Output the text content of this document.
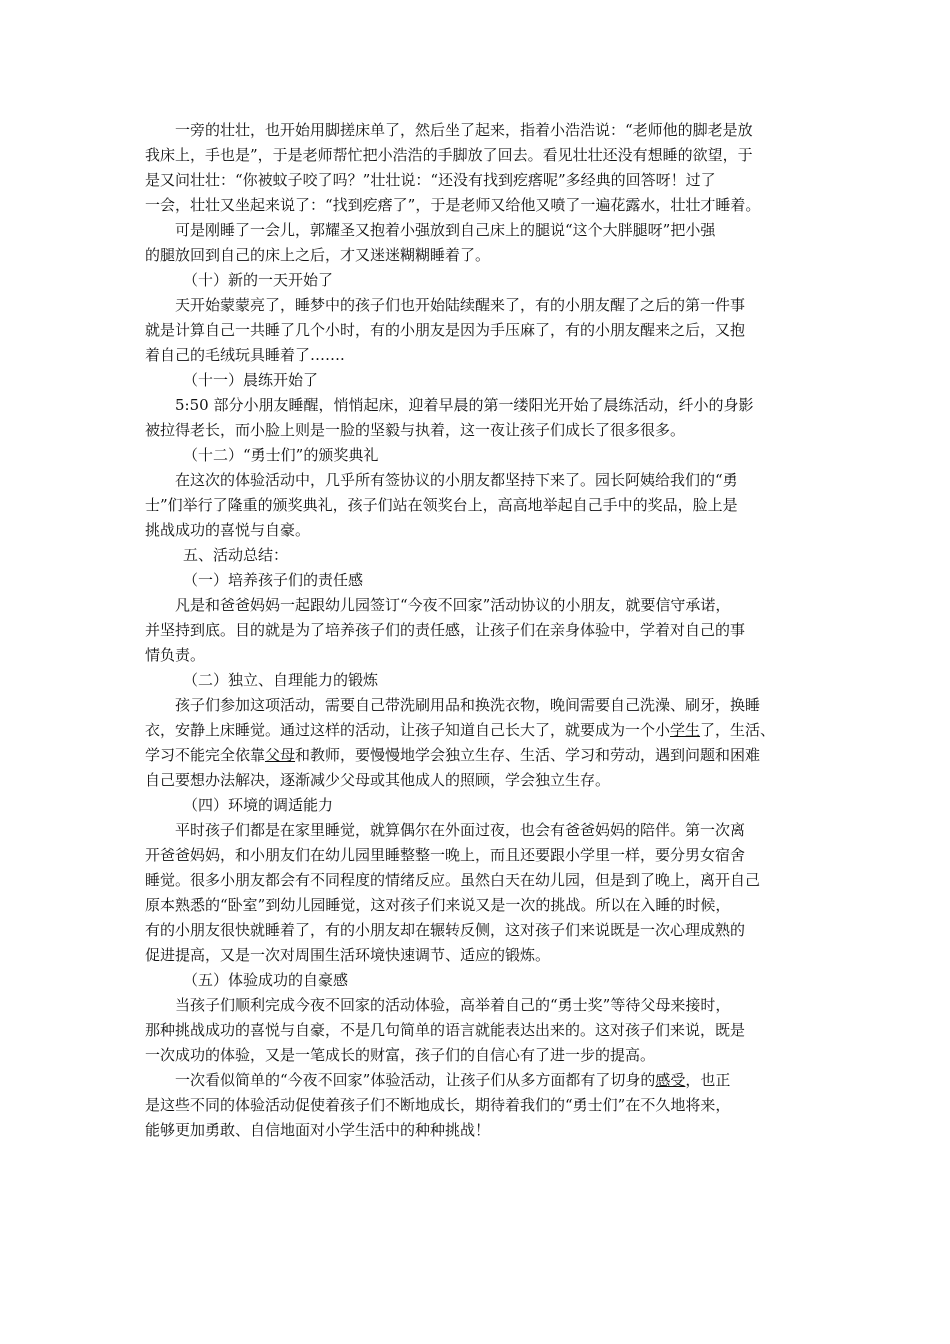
一旁的壮壮，也开始用脚搓床单了，然后坐了起来，指着小浩浩说：“老师他的脚老是放
我床上，手也是”，于是老师帮忙把小浩浩的手脚放了回去。看见壮壮还没有想睡的欲望，于
是又问壮壮：“你被蚊子咬了吗？”壮壮说：“还没有找到疙瘩呢”多经典的回答呀！过了
一会，壮壮又坐起来说了：“找到疙瘩了”，于是老师又给他又喷了一遍花露水，壮壮才睡着。
可是刚睡了一会儿，郭耀圣又抱着小强放到自己床上的腿说“这个大胖腿呀”把小强
的腿放回到自己的床上之后，才又迷迷糊糊睡着了。
（十）新的一天开始了
天开始蒙蒙亮了，睡梦中的孩子们也开始陆续醒来了，有的小朋友醒了之后的第一件事
就是计算自己一共睡了几个小时，有的小朋友是因为手压麻了，有的小朋友醒来之后，又抱
着自己的毛绒玩具睡着了…….
（十一）晨练开始了
5:50 部分小朋友睡醒，悄悄起床，迎着早晨的第一缕阳光开始了晨练活动，纤小的身影
被拉得老长，而小脸上则是一脸的坚毅与执着，这一夜让孩子们成长了很多很多。
（十二）“勇士们”的颁奖典礼
在这次的体验活动中，几乎所有签协议的小朋友都坚持下来了。园长阿姨给我们的“勇
士”们举行了隆重的颁奖典礼，孩子们站在领奖台上，高高地举起自己手中的奖品，脸上是
挑战成功的喜悦与自豪。
五、活动总结：
（一）培养孩子们的责任感
凡是和爸爸妈妈一起跟幼儿园签订“今夜不回家”活动协议的小朋友，就要信守承诺，
并坚持到底。目的就是为了培养孩子们的责任感，让孩子们在亲身体验中，学着对自己的事
情负责。
（二）独立、自理能力的锻炼
孩子们参加这项活动，需要自己带洗刷用品和换洗衣物，晚间需要自己洗澡、刷牙，换睡
衣，安静上床睡觉。通过这样的活动，让孩子知道自己长大了，就要成为一个小学生了，生活、
学习不能完全依靠父母和教师，要慢慢地学会独立生存、生活、学习和劳动，遇到问题和困难
自己要想办法解决，逐渐减少父母或其他成人的照顾，学会独立生存。
（四）环境的调适能力
平时孩子们都是在家里睡觉，就算偶尔在外面过夜，也会有爸爸妈妈的陪伴。第一次离
开爸爸妈妈，和小朋友们在幼儿园里睡整整一晚上，而且还要跟小学里一样，要分男女宿舍
睡觉。很多小朋友都会有不同程度的情绪反应。虽然白天在幼儿园，但是到了晚上，离开自己
原本熟悉的“卧室”到幼儿园睡觉，这对孩子们来说又是一次的挑战。所以在入睡的时候，
有的小朋友很快就睡着了，有的小朋友却在辗转反侧，这对孩子们来说既是一次心理成熟的
促进提高，又是一次对周围生活环境快速调节、适应的锻炼。
（五）体验成功的自豪感
当孩子们顺利完成今夜不回家的活动体验，高举着自己的“勇士奖”等待父母来接时，
那种挑战成功的喜悦与自豪，不是几句简单的语言就能表达出来的。这对孩子们来说，既是
一次成功的体验，又是一笔成长的财富，孩子们的自信心有了进一步的提高。
一次看似简单的“今夜不回家”体验活动，让孩子们从多方面都有了切身的感受，也正
是这些不同的体验活动促使着孩子们不断地成长，期待着我们的“勇士们”在不久地将来，
能够更加勇敢、自信地面对小学生活中的种种挑战！
